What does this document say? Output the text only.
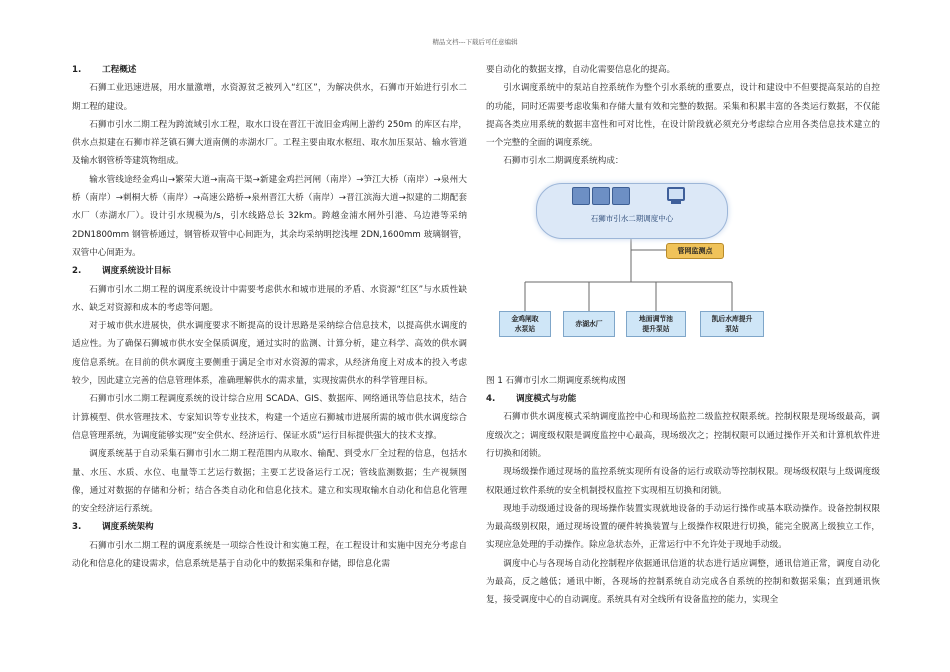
精品文档---下载后可任意编辑

1. 工程概述

石狮工业迅速进展，用水量激增，水资源贫乏被列入“红区”，为解决供水，石狮市开始进行引水二期工程的建设。

石狮市引水二期工程为跨流域引水工程，取水口设在晋江干流旧金鸡闸上游约 250m 的库区右岸，供水点拟建在石狮市祥芝镇石狮大道南侧的赤湖水厂。工程主要由取水枢纽、取水加压泵站、输水管道及输水钢管桥等建筑物组成。

输水管线途经金鸡山→繁荣大道→南高干渠→新建金鸡拦河闸（南岸）→笋江大桥（南岸）→泉州大桥（南岸）→刺桐大桥（南岸）→高速公路桥→泉州晋江大桥（南岸）→晋江滨海大道→拟建的二期配套水厂（赤湖水厂）。设计引水规模为/s，引水线路总长 32km。跨越金浦水闸外引港、乌边港等采纳 2DN1800mm 钢管桥通过，钢管桥双管中心间距为，其余均采纳明挖浅埋 2DN,1600mm 玻璃钢管，双管中心间距为。

2. 调度系统设计目标

石狮市引水二期工程的调度系统设计中需要考虑供水和城市进展的矛盾、水资源“红区”与水质性缺水、缺乏对资源和成本的考虑等问题。

对于城市供水进展快，供水调度要求不断提高的设计思路是采纳综合信息技术，以提高供水调度的适应性。为了确保石狮城市供水安全保质调度，通过实时的监测、计算分析，建立科学、高效的供水调度信息系统。在目前的供水调度主要侧重于满足全市对水资源的需求，从经济角度上对成本的投入考虑较少，因此建立完善的信息管理体系，准确理解供水的需求量，实现按需供水的科学管理目标。

石狮市引水二期工程调度系统的设计综合应用 SCADA、GIS、数据库、网络通讯等信息技术，结合计算模型、供水管理技术、专家知识等专业技术，构建一个适应石狮城市进展所需的城市供水调度综合信息管理系统，为调度能够实现“安全供水、经济运行、保证水质”运行目标提供强大的技术支撑。

调度系统基于自动采集石狮市引水二期工程范围内从取水、输配、到受水厂全过程的信息，包括水量、水压、水质、水位、电量等工艺运行数据；主要工艺设备运行工况；管线监测数据；生产视频图像，通过对数据的存储和分析；结合各类自动化和信息化技术。建立和实现取输水自动化和信息化管理的安全经济运行系统。

3. 调度系统架构

石狮市引水二期工程的调度系统是一项综合性设计和实施工程，在工程设计和实施中因充分考虑自动化和信息化的建设需求，信息系统是基于自动化中的数据采集和存储，即信息化需

要自动化的数据支撑，自动化需要信息化的提高。

引水调度系统中的泵站自控系统作为整个引水系统的重要点，设计和建设中不但要提高泵站的自控的功能，同时还需要考虑收集和存储大量有效和完整的数据。采集和积累丰富的各类运行数据，不仅能提高各类应用系统的数据丰富性和可对比性，在设计阶段就必须充分考虑综合应用各类信息技术建立的一个完整的全面的调度系统。

石狮市引水二期调度系统构成：

石狮市引水二期调度中心
管网监测点
金鸡闸取
水泵站
赤湖水厂
地面调节池
提升泵站
凯后水库提升
泵站

图 1 石狮市引水二期调度系统构成图

4. 调度模式与功能

石狮市供水调度模式采纳调度监控中心和现场监控二级监控权限系统。控制权限是现场级最高，调度级次之；调度级权限是调度监控中心最高，现场级次之；控制权限可以通过操作开关和计算机软件进行切换和闭锁。

现场级操作通过现场的监控系统实现所有设备的运行或联动等控制权限。现场级权限与上级调度级权限通过软件系统的安全机制授权监控下实现相互切换和闭锁。

现地手动级通过设备的现场操作装置实现就地设备的手动运行操作或基本联动操作。设备控制权限为最高级别权限，通过现场设置的硬件转换装置与上级操作权限进行切换，能完全脱离上级独立工作，实现应急处理的手动操作。除应急状态外，正常运行中不允许处于现地手动级。

调度中心与各现场自动化控制程序依据通讯信道的状态进行适应调整，通讯信道正常，调度自动化为最高，反之越低；通讯中断，各现场的控制系统自动完成各自系统的控制和数据采集；直到通讯恢复，接受调度中心的自动调度。系统具有对全线所有设备监控的能力，实现全
